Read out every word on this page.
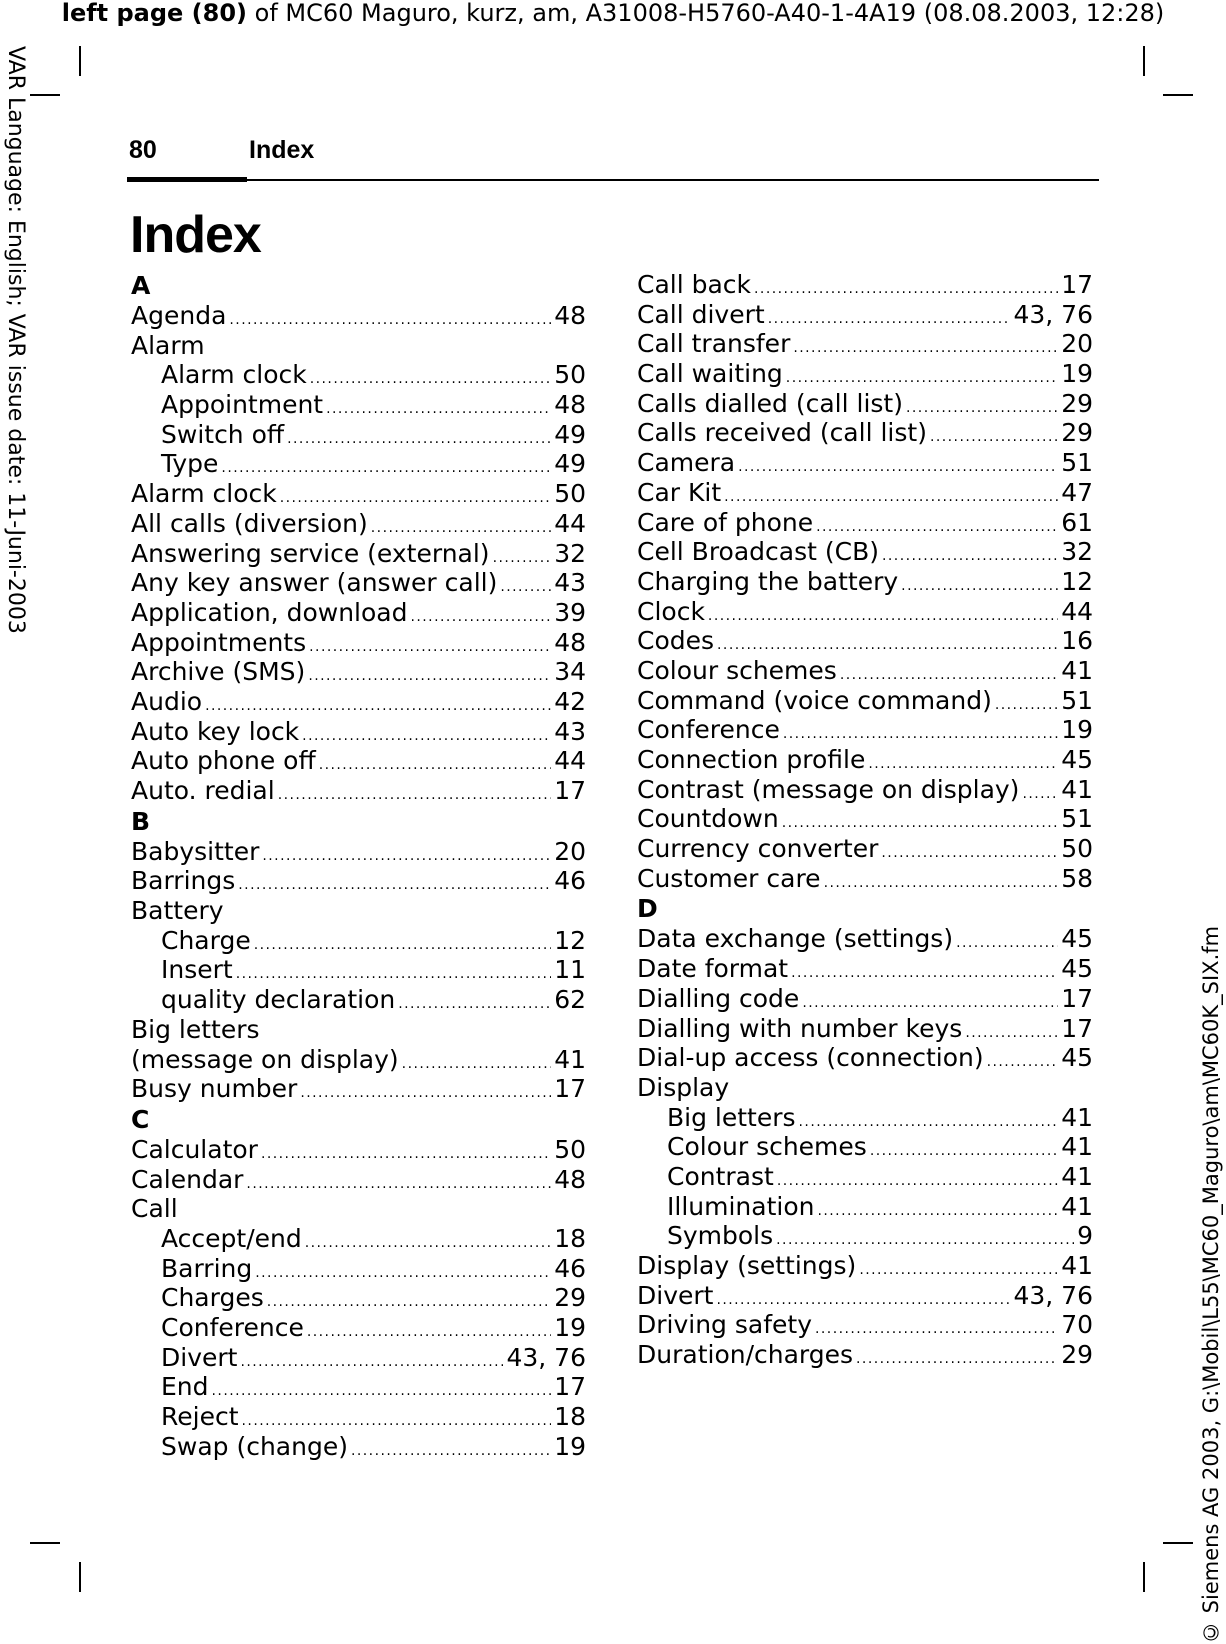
left page (80) of MC60 Maguro, kurz, am, A31008-H5760-A40-1-4A19 (08.08.2003, 12:28)
VAR Language: English; VAR issue date: 11-Juni-2003
© Siemens AG 2003, G:\Mobil\L55\MC60_Maguro\am\MC60K_SIX.fm
80	Index
Index
A
Agenda . . .	48
Alarm
Alarm clock . . .	50
Appointment . . .	48
Switch off . . .	49
Type . . .	49
Alarm clock . . .	50
All calls (diversion) . . .	44
Answering service (external) . . .	32
Any key answer (answer call) . . . 43
Application, download . . .	39
Appointments . . .	48
Archive (SMS) . . .	34
Audio . . .	42
Auto key lock . . .	43
Auto phone off . . .	44
Auto. redial . . .	17
B
Babysitter . . .	20
Barrings . . .	46
Battery
Charge . . .	12
Insert . . .	11
quality declaration . . .	62
Big letters
(message on display) . . .	41
Busy number . . .	17
C
Calculator . . .	50
Calendar . . .	48
Call
Accept/end . . .	18
Barring . . .	46
Charges . . .	29
Conference . . .	19
Divert . . .	43, 76
End . . .	17
Reject . . .	18
Swap (change) . . .	19
Call back . . .	17
Call divert . . .	43, 76
Call transfer . . .	20
Call waiting . . .	19
Calls dialled (call list) . . .	29
Calls received (call list) . . .	29
Camera . . .	51
Car Kit . . .	47
Care of phone . . .	61
Cell Broadcast (CB) . . .	32
Charging the battery . . .	12
Clock . . .	44
Codes . . .	16
Colour schemes . . .	41
Command (voice command) . . .	51
Conference . . .	19
Connection profile . . .	45
Contrast (message on display) . . . 41
Countdown . . .	51
Currency converter . . .	50
Customer care . . .	58
D
Data exchange (settings) . . .	45
Date format . . .	45
Dialling code . . .	17
Dialling with number keys . . .	17
Dial-up access (connection) . . .	45
Display
Big letters . . .	41
Colour schemes . . .	41
Contrast . . .	41
Illumination . . .	41
Symbols . . .	9
Display (settings) . . .	41
Divert . . .	43, 76
Driving safety . . .	70
Duration/charges . . .	29
